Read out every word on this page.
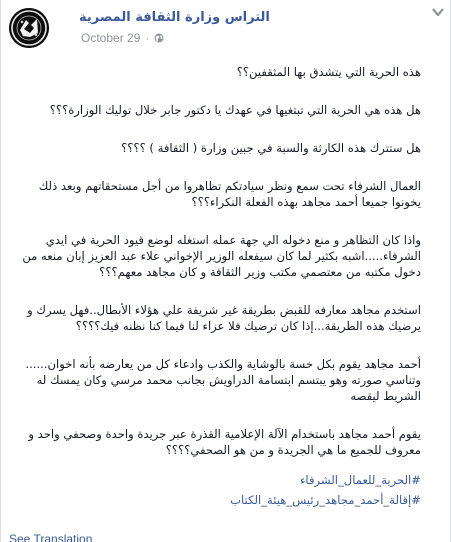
التراس وزارة الثقافة المصرية
October 29 ·

هذه الحرية التي يتشدق بها المثقفين؟؟

هل هذه هي الحرية التي تبتغيها في عهدك يا دكتور جابر خلال توليك الوزارة؟؟؟

هل ستترك هذه الكارثة والسبة في جبين وزارة ( الثقافة ) ؟؟؟؟

العمال الشرفاء تحت سمع ونظر سيادتكم تظاهروا من أجل مستحقاتهم وبعد ذلك يخونوا جميعا أحمد مجاهد بهذه الفعلة النكراء؟؟؟

واذا كان التظاهر و منع دخوله الي جهة عمله استغله لوضع قيود الحرية في ايدي الشرفاء.....اشبه بكثير لما كان سيفعله الوزير الإخواني علاء عبد العزيز إبان منعه من دخول مكتبه من معتصمي مكتب وزير الثقافة و كان مجاهد معهم؟؟؟

استخدم مجاهد معارفه للقبض بطريقة غير شريفة علي هؤلاء الأبطال..فهل يسرك و يرضيك هذه الطريقة...إذا كان ترضيك فلا عزاء لنا فيما كنا نظنه فيك؟؟؟؟

أحمد مجاهد يقوم بكل خسة بالوشاية والكذب وادعاء كل من يعارضه بأنه اخوان...... وتناسي صورته وهو يبتسم ابتسامة الدراويش بجانب محمد مرسي وكان يمسك له الشريط ليقصه

يقوم أحمد مجاهد باستخدام الآلة الإعلامية القذرة عبر جريدة واحدة وصحفي واحد و معروف للجميع ما هي الجريدة و من هو الصحفي؟؟؟؟

#الحرية_للعمال_الشرفاء
#إقالة_أحمد_مجاهد_رئيس_هيئة_الكتاب
See Translation
